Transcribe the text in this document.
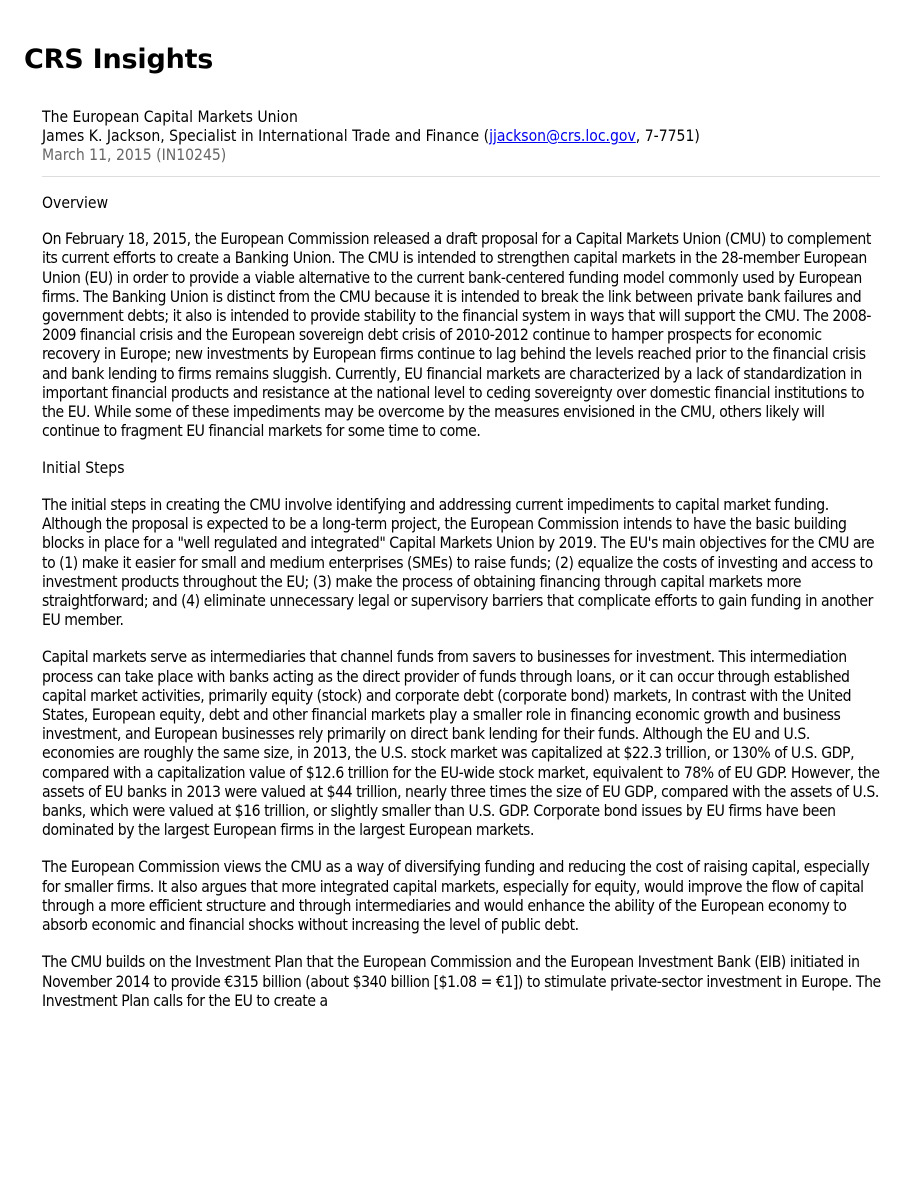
CRS Insights

The European Capital Markets Union

James K. Jackson, Specialist in International Trade and Finance (jjackson@crs.loc.gov, 7-7751)

March 11, 2015 (IN10245)

Overview

On February 18, 2015, the European Commission released a draft proposal for a Capital Markets Union (CMU) to complement its current efforts to create a Banking Union. The CMU is intended to strengthen capital markets in the 28-member European Union (EU) in order to provide a viable alternative to the current bank-centered funding model commonly used by European firms. The Banking Union is distinct from the CMU because it is intended to break the link between private bank failures and government debts; it also is intended to provide stability to the financial system in ways that will support the CMU. The 2008-2009 financial crisis and the European sovereign debt crisis of 2010-2012 continue to hamper prospects for economic recovery in Europe; new investments by European firms continue to lag behind the levels reached prior to the financial crisis and bank lending to firms remains sluggish. Currently, EU financial markets are characterized by a lack of standardization in important financial products and resistance at the national level to ceding sovereignty over domestic financial institutions to the EU. While some of these impediments may be overcome by the measures envisioned in the CMU, others likely will continue to fragment EU financial markets for some time to come.

Initial Steps

The initial steps in creating the CMU involve identifying and addressing current impediments to capital market funding. Although the proposal is expected to be a long-term project, the European Commission intends to have the basic building blocks in place for a "well regulated and integrated" Capital Markets Union by 2019. The EU's main objectives for the CMU are to (1) make it easier for small and medium enterprises (SMEs) to raise funds; (2) equalize the costs of investing and access to investment products throughout the EU; (3) make the process of obtaining financing through capital markets more straightforward; and (4) eliminate unnecessary legal or supervisory barriers that complicate efforts to gain funding in another EU member.

Capital markets serve as intermediaries that channel funds from savers to businesses for investment. This intermediation process can take place with banks acting as the direct provider of funds through loans, or it can occur through established capital market activities, primarily equity (stock) and corporate debt (corporate bond) markets, In contrast with the United States, European equity, debt and other financial markets play a smaller role in financing economic growth and business investment, and European businesses rely primarily on direct bank lending for their funds. Although the EU and U.S. economies are roughly the same size, in 2013, the U.S. stock market was capitalized at $22.3 trillion, or 130% of U.S. GDP, compared with a capitalization value of $12.6 trillion for the EU-wide stock market, equivalent to 78% of EU GDP. However, the assets of EU banks in 2013 were valued at $44 trillion, nearly three times the size of EU GDP, compared with the assets of U.S. banks, which were valued at $16 trillion, or slightly smaller than U.S. GDP. Corporate bond issues by EU firms have been dominated by the largest European firms in the largest European markets.

The European Commission views the CMU as a way of diversifying funding and reducing the cost of raising capital, especially for smaller firms. It also argues that more integrated capital markets, especially for equity, would improve the flow of capital through a more efficient structure and through intermediaries and would enhance the ability of the European economy to absorb economic and financial shocks without increasing the level of public debt.

The CMU builds on the Investment Plan that the European Commission and the European Investment Bank (EIB) initiated in November 2014 to provide €315 billion (about $340 billion [$1.08 = €1]) to stimulate private-sector investment in Europe. The Investment Plan calls for the EU to create a
